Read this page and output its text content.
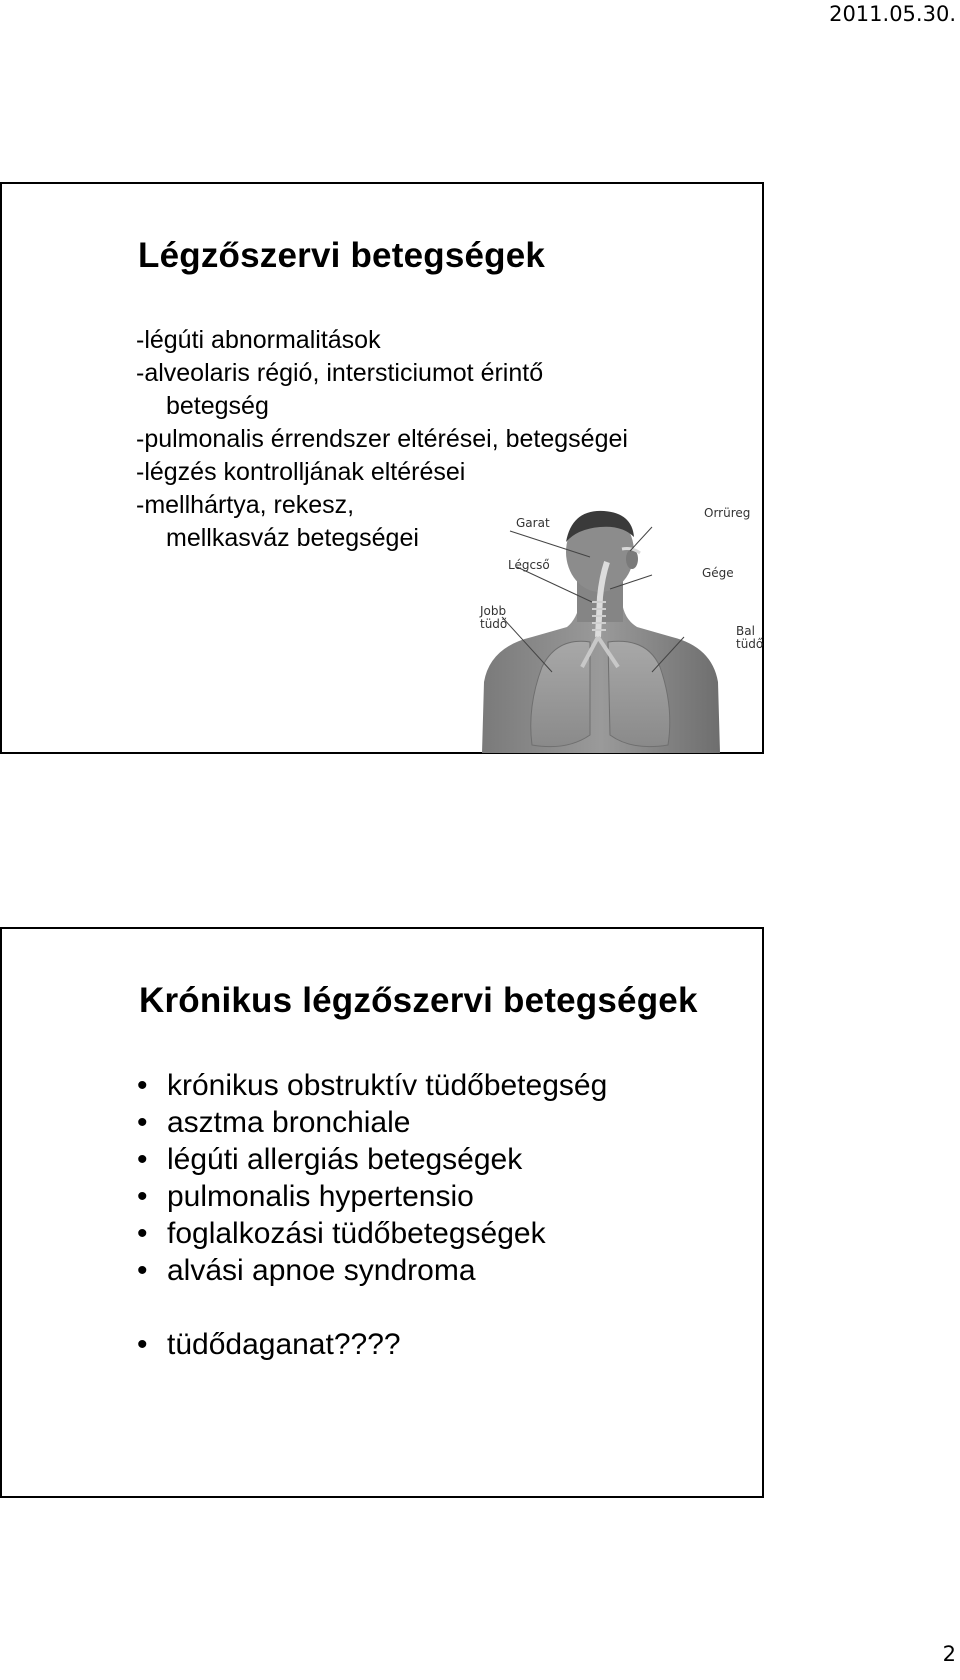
2011.05.30.
Légzőszervi betegségek
-légúti abnormalitások
-alveolaris régió, intersticiumot érintő
betegség
-pulmonalis érrendszer eltérései, betegségei
-légzés kontrolljának eltérései
-mellhártya, rekesz,
mellkasváz betegségei
Garat
Orrüreg
Légcső
Gége
Jobb
tüdő	Bal
tüdő
Krónikus légzőszervi betegségek
• krónikus obstruktív tüdőbetegség
• asztma bronchiale
• légúti allergiás betegségek
• pulmonalis hypertensio
• foglalkozási tüdőbetegségek
• alvási apnoe syndroma
• tüdődaganat????
2
